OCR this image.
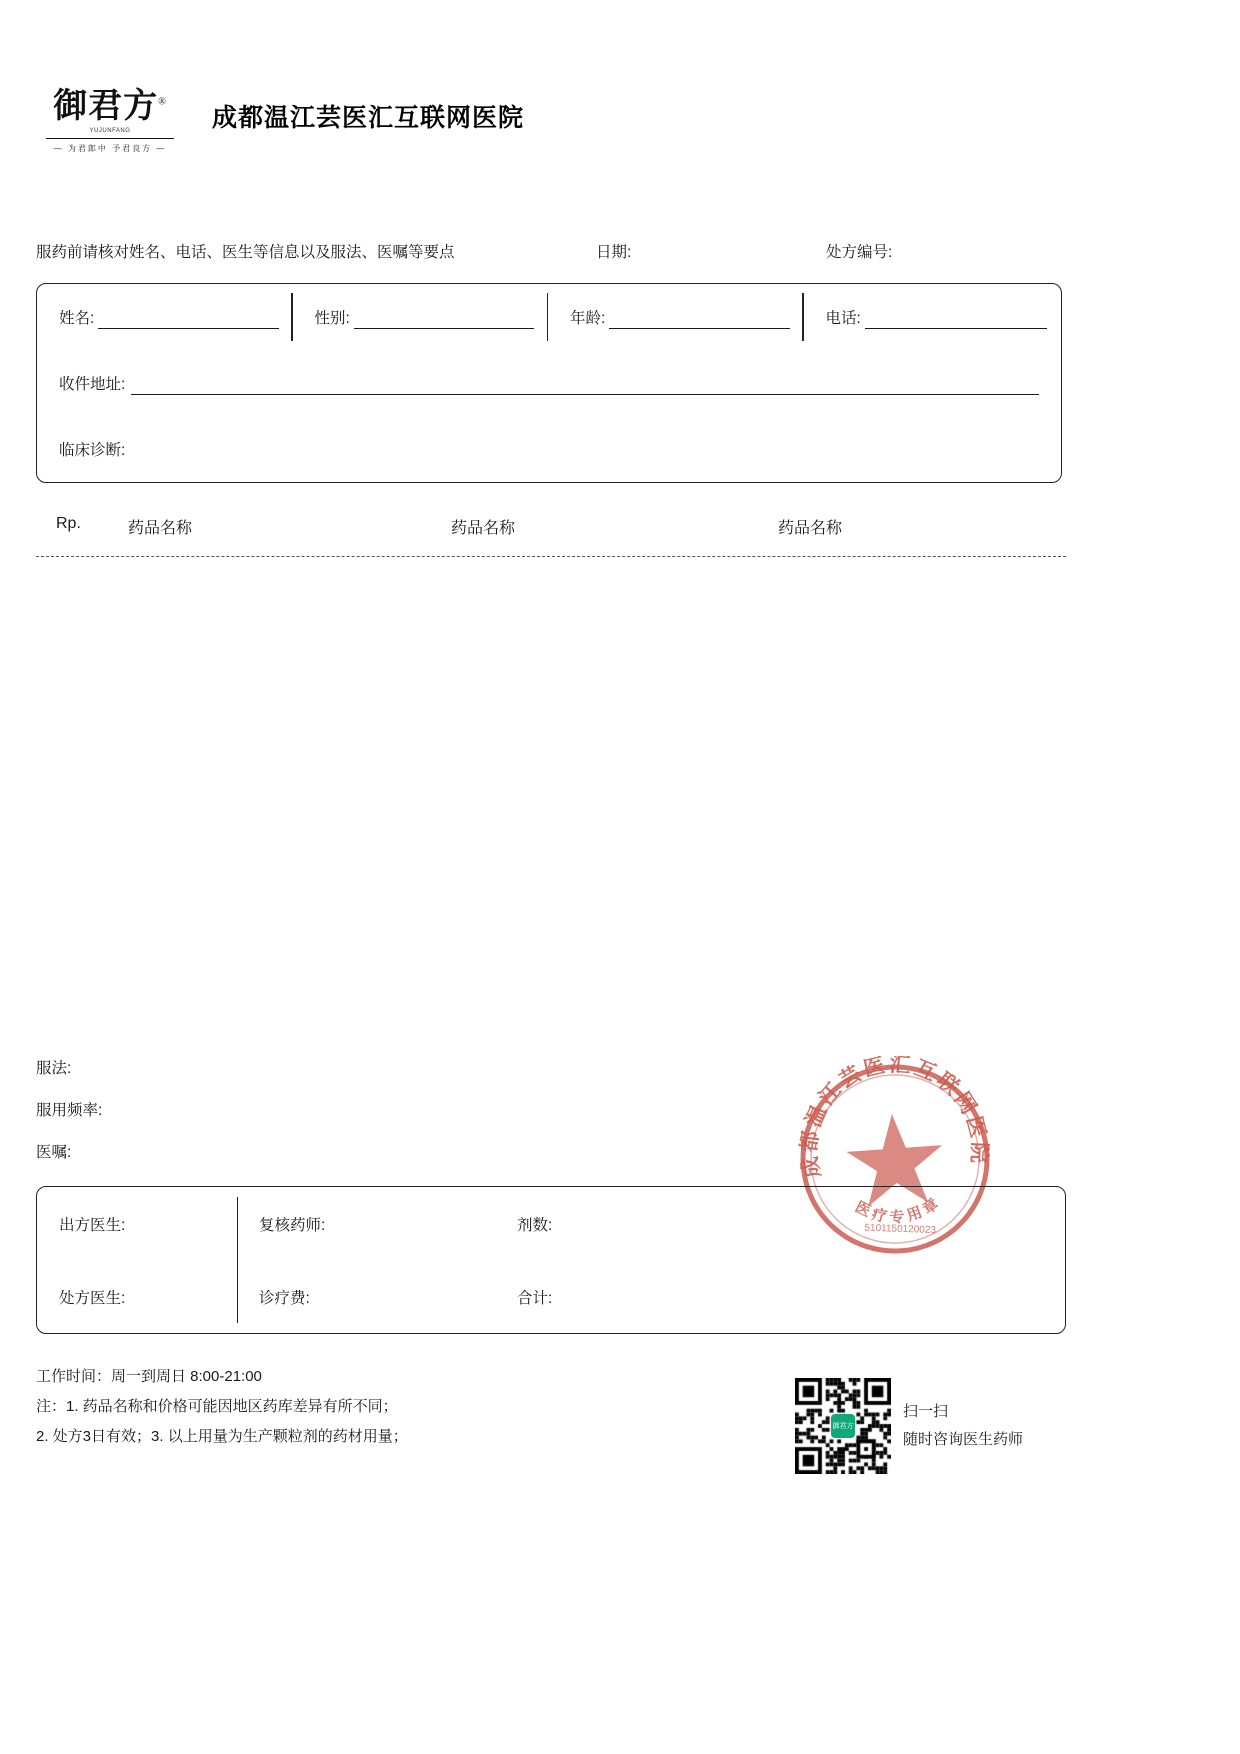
御君方®
YUJUNFANG
— 为君郎中 予君良方 —
成都温江芸医汇互联网医院
服药前请核对姓名、电话、医生等信息以及服法、医嘱等要点	日期:	处方编号:
姓名:	性别:	年龄:	电话:
收件地址:
临床诊断:
Rp.	药品名称	药品名称	药品名称
服法:
服用频率:
医嘱:	成都温江芸医汇互联网医院
医疗专用章
5101150120023
出方医生:	复核药师:	剂数:
处方医生:	诊疗费:	合计:
工作时间：周一到周日 8:00-21:00
注：1. 药品名称和价格可能因地区药库差异有所不同；
2. 处方3日有效；3. 以上用量为生产颗粒剂的药材用量；
御君方
扫一扫
随时咨询医生药师
